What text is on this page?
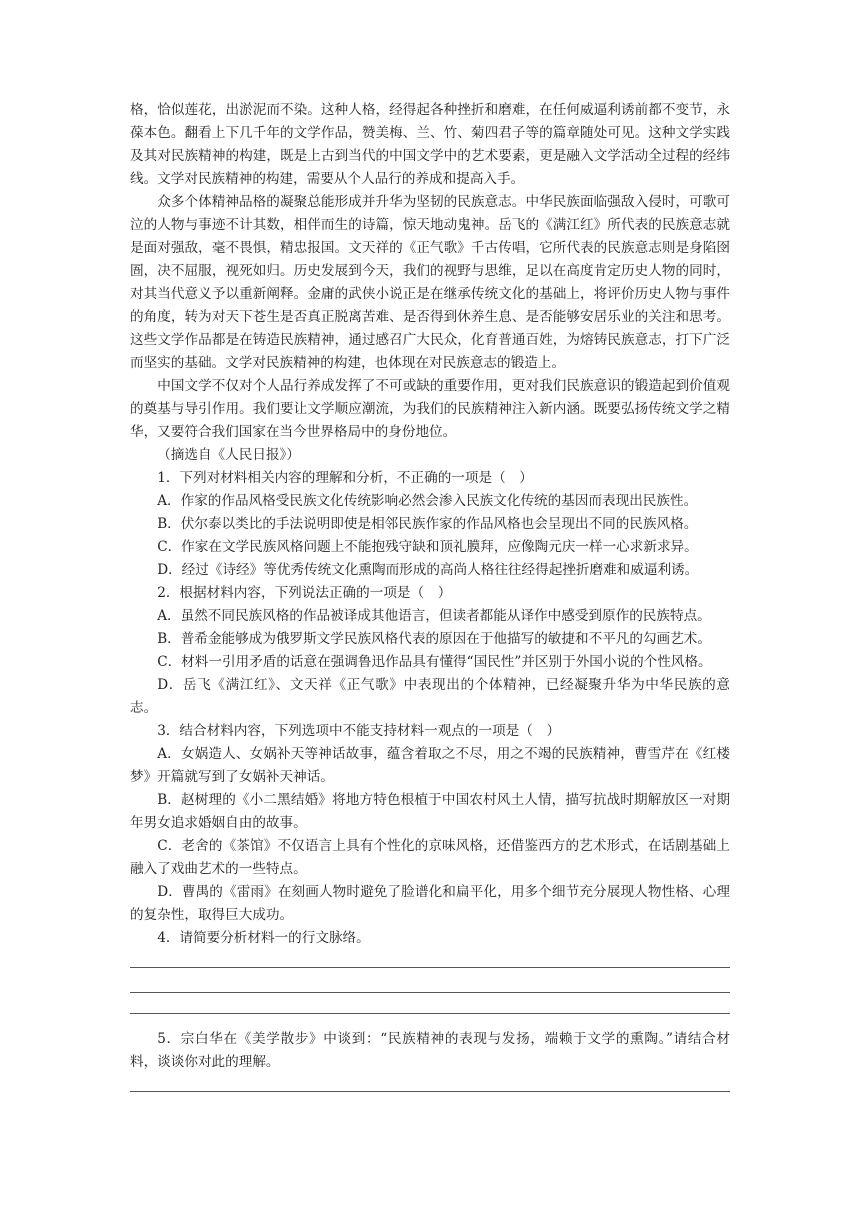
格，恰似莲花，出淤泥而不染。这种人格，经得起各种挫折和磨难，在任何威逼利诱前都不变节，永葆本色。翻看上下几千年的文学作品，赞美梅、兰、竹、菊四君子等的篇章随处可见。这种文学实践及其对民族精神的构建，既是上古到当代的中国文学中的艺术要素，更是融入文学活动全过程的经纬线。文学对民族精神的构建，需要从个人品行的养成和提高入手。

众多个体精神品格的凝聚总能形成并升华为坚韧的民族意志。中华民族面临强敌入侵时，可歌可泣的人物与事迹不计其数，相伴而生的诗篇，惊天地动鬼神。岳飞的《满江红》所代表的民族意志就是面对强敌，毫不畏惧，精忠报国。文天祥的《正气歌》千古传唱，它所代表的民族意志则是身陷囹圄，决不屈服，视死如归。历史发展到今天，我们的视野与思维，足以在高度肯定历史人物的同时，对其当代意义予以重新阐释。金庸的武侠小说正是在继承传统文化的基础上，将评价历史人物与事件的角度，转为对天下苍生是否真正脱离苦难、是否得到休养生息、是否能够安居乐业的关注和思考。这些文学作品都是在铸造民族精神，通过感召广大民众，化育普通百姓，为熔铸民族意志，打下广泛而坚实的基础。文学对民族精神的构建，也体现在对民族意志的锻造上。

中国文学不仅对个人品行养成发挥了不可或缺的重要作用，更对我们民族意识的锻造起到价值观的奠基与导引作用。我们要让文学顺应潮流，为我们的民族精神注入新内涵。既要弘扬传统文学之精华，又要符合我们国家在当今世界格局中的身份地位。

（摘选自《人民日报》）

1．下列对材料相关内容的理解和分析，不正确的一项是（　）

A．作家的作品风格受民族文化传统影响必然会渗入民族文化传统的基因而表现出民族性。

B．伏尔泰以类比的手法说明即使是相邻民族作家的作品风格也会呈现出不同的民族风格。

C．作家在文学民族风格问题上不能抱残守缺和顶礼膜拜，应像陶元庆一样一心求新求异。

D．经过《诗经》等优秀传统文化熏陶而形成的高尚人格往往经得起挫折磨难和威逼利诱。

2．根据材料内容，下列说法正确的一项是（　）

A．虽然不同民族风格的作品被译成其他语言，但读者都能从译作中感受到原作的民族特点。

B．普希金能够成为俄罗斯文学民族风格代表的原因在于他描写的敏捷和不平凡的勾画艺术。

C．材料一引用矛盾的话意在强调鲁迅作品具有懂得“国民性”并区别于外国小说的个性风格。

D．岳飞《满江红》、文天祥《正气歌》中表现出的个体精神，已经凝聚升华为中华民族的意志。

3．结合材料内容，下列选项中不能支持材料一观点的一项是（　）

A．女娲造人、女娲补天等神话故事，蕴含着取之不尽，用之不竭的民族精神，曹雪芹在《红楼梦》开篇就写到了女娲补天神话。

B．赵树理的《小二黑结婚》将地方特色根植于中国农村风土人情，描写抗战时期解放区一对期年男女追求婚姻自由的故事。

C．老舍的《茶馆》不仅语言上具有个性化的京味风格，还借鉴西方的艺术形式，在话剧基础上融入了戏曲艺术的一些特点。

D．曹禺的《雷雨》在刻画人物时避免了脸谱化和扁平化，用多个细节充分展现人物性格、心理的复杂性，取得巨大成功。

4．请简要分析材料一的行文脉络。

5．宗白华在《美学散步》中谈到：“民族精神的表现与发扬，端赖于文学的熏陶。”请结合材料，谈谈你对此的理解。
